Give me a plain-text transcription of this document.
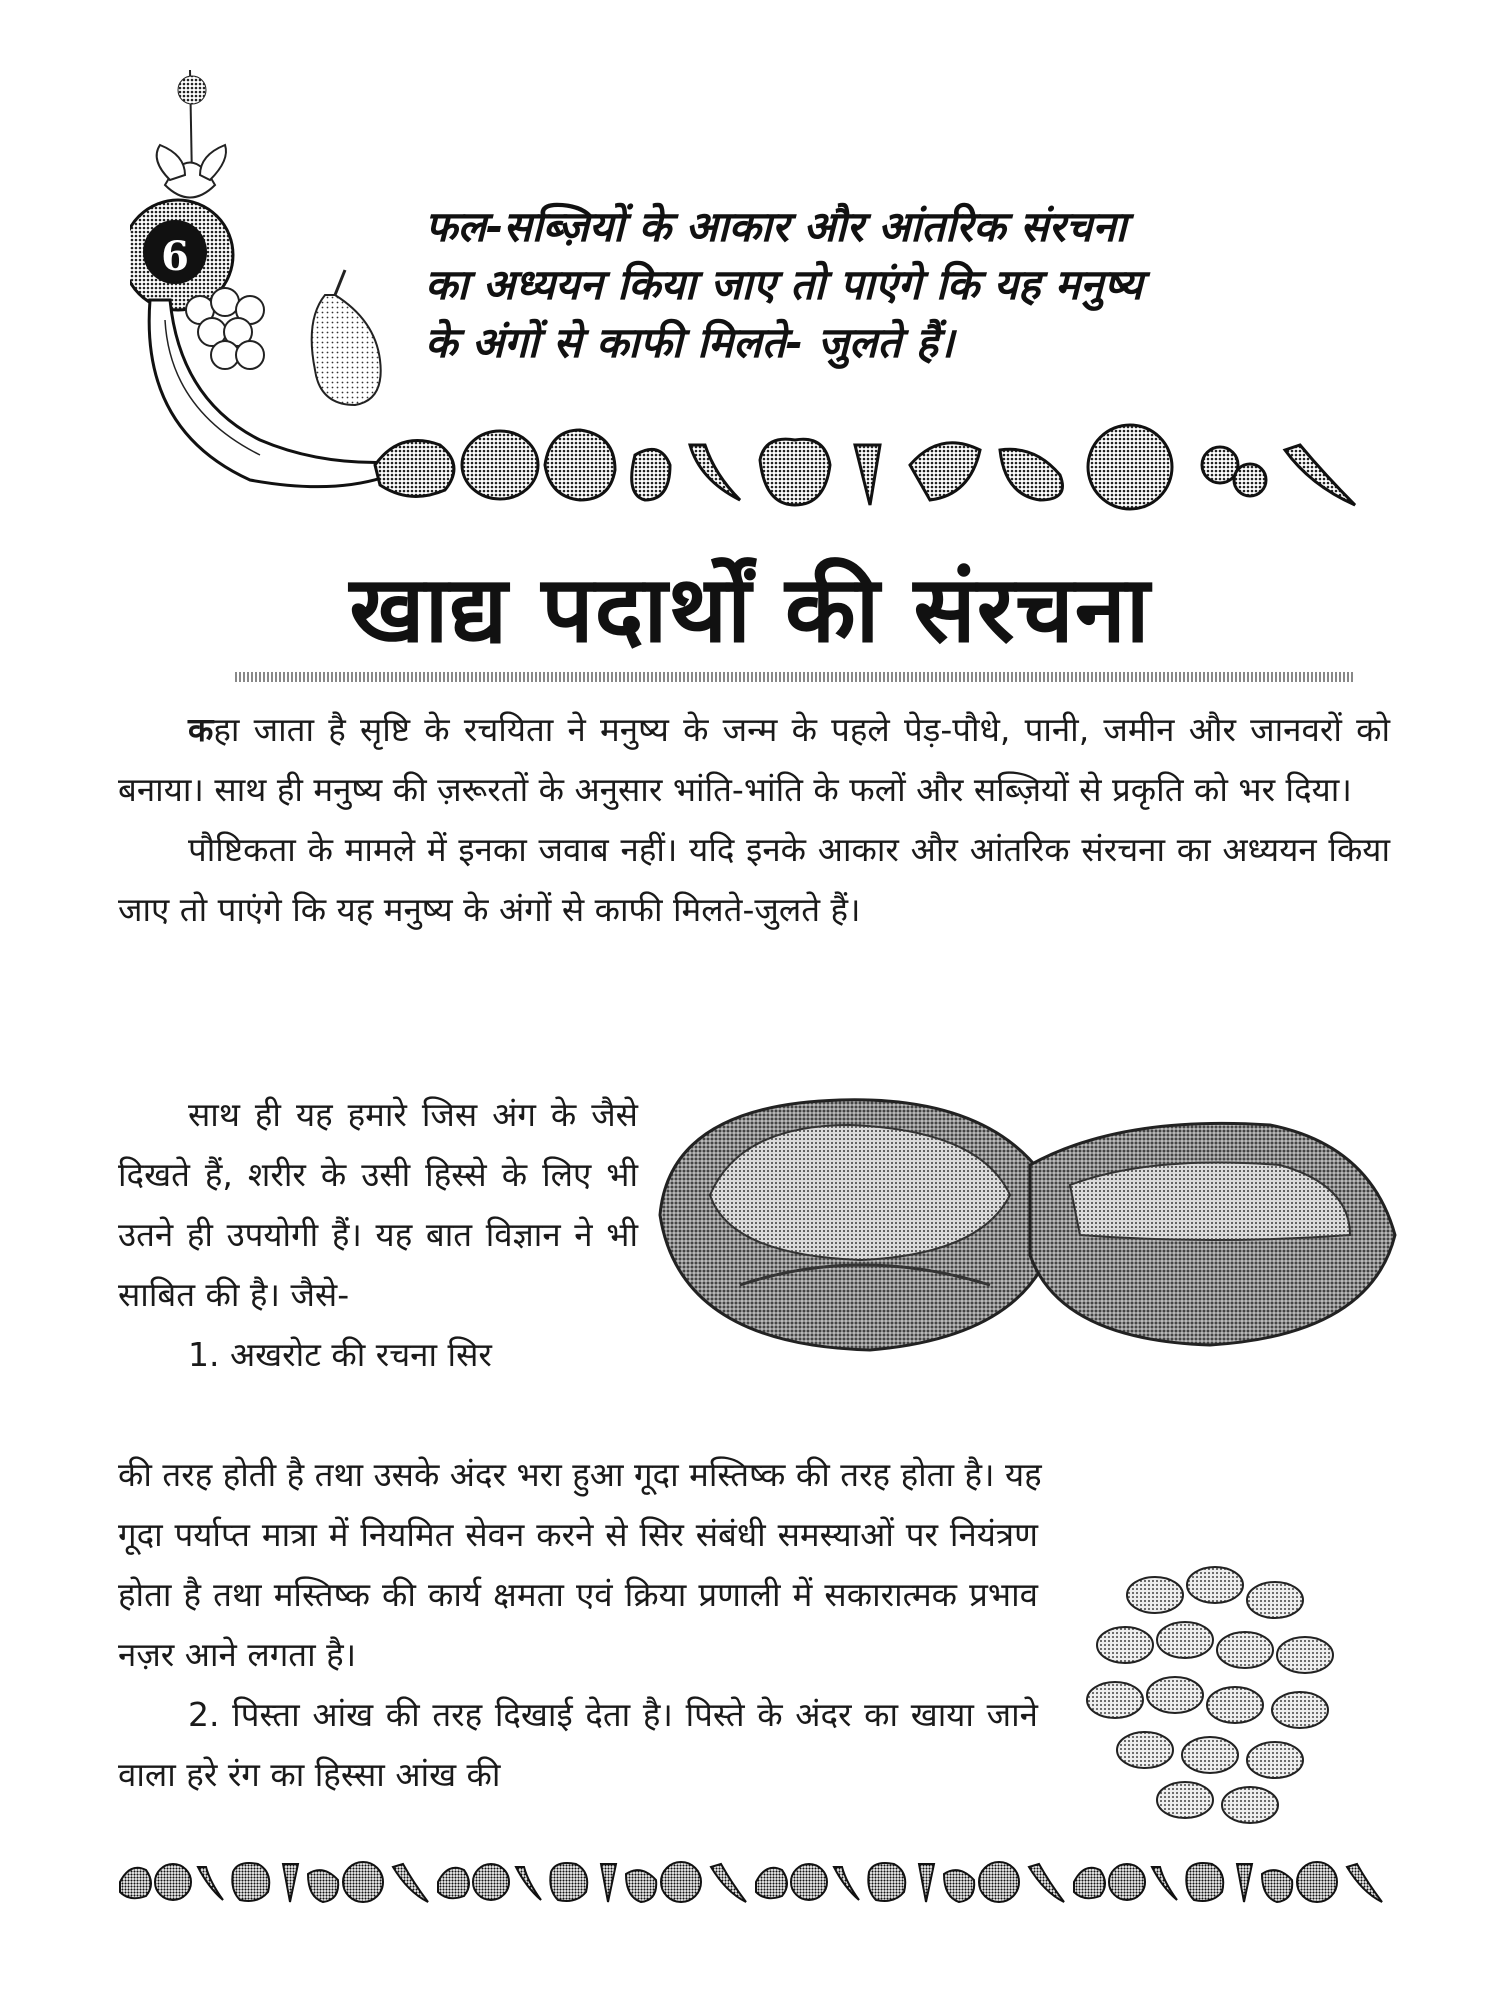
6
फल-सब्ज़ियों के आकार और आंतरिक संरचना
का अध्ययन किया जाए तो पाएंगे कि यह मनुष्य
के अंगों से काफी मिलते- जुलते हैं।
खाद्य पदार्थों की संरचना

कहा जाता है सृष्टि के रचयिता ने मनुष्य के जन्म के पहले पेड़-पौधे, पानी, जमीन और जानवरों को बनाया। साथ ही मनुष्य की ज़रूरतों के अनुसार भांति-भांति के फलों और सब्ज़ियों से प्रकृति को भर दिया।

पौष्टिकता के मामले में इनका जवाब नहीं। यदि इनके आकार और आंतरिक संरचना का अध्ययन किया जाए तो पाएंगे कि यह मनुष्य के अंगों से काफी मिलते-जुलते हैं।

साथ ही यह हमारे जिस अंग के जैसे दिखते हैं, शरीर के उसी हिस्से के लिए भी उतने ही उपयोगी हैं। यह बात विज्ञान ने भी साबित की है। जैसे-

1. अखरोट की रचना सिर

की तरह होती है तथा उसके अंदर भरा हुआ गूदा मस्तिष्क की तरह होता है। यह

गूदा पर्याप्त मात्रा में नियमित सेवन करने से सिर संबंधी समस्याओं पर नियंत्रण होता है तथा मस्तिष्क की कार्य क्षमता एवं क्रिया प्रणाली में सकारात्मक प्रभाव नज़र आने लगता है।

2. पिस्ता आंख की तरह दिखाई देता है। पिस्ते के अंदर का खाया जाने वाला हरे रंग का हिस्सा आंख की
